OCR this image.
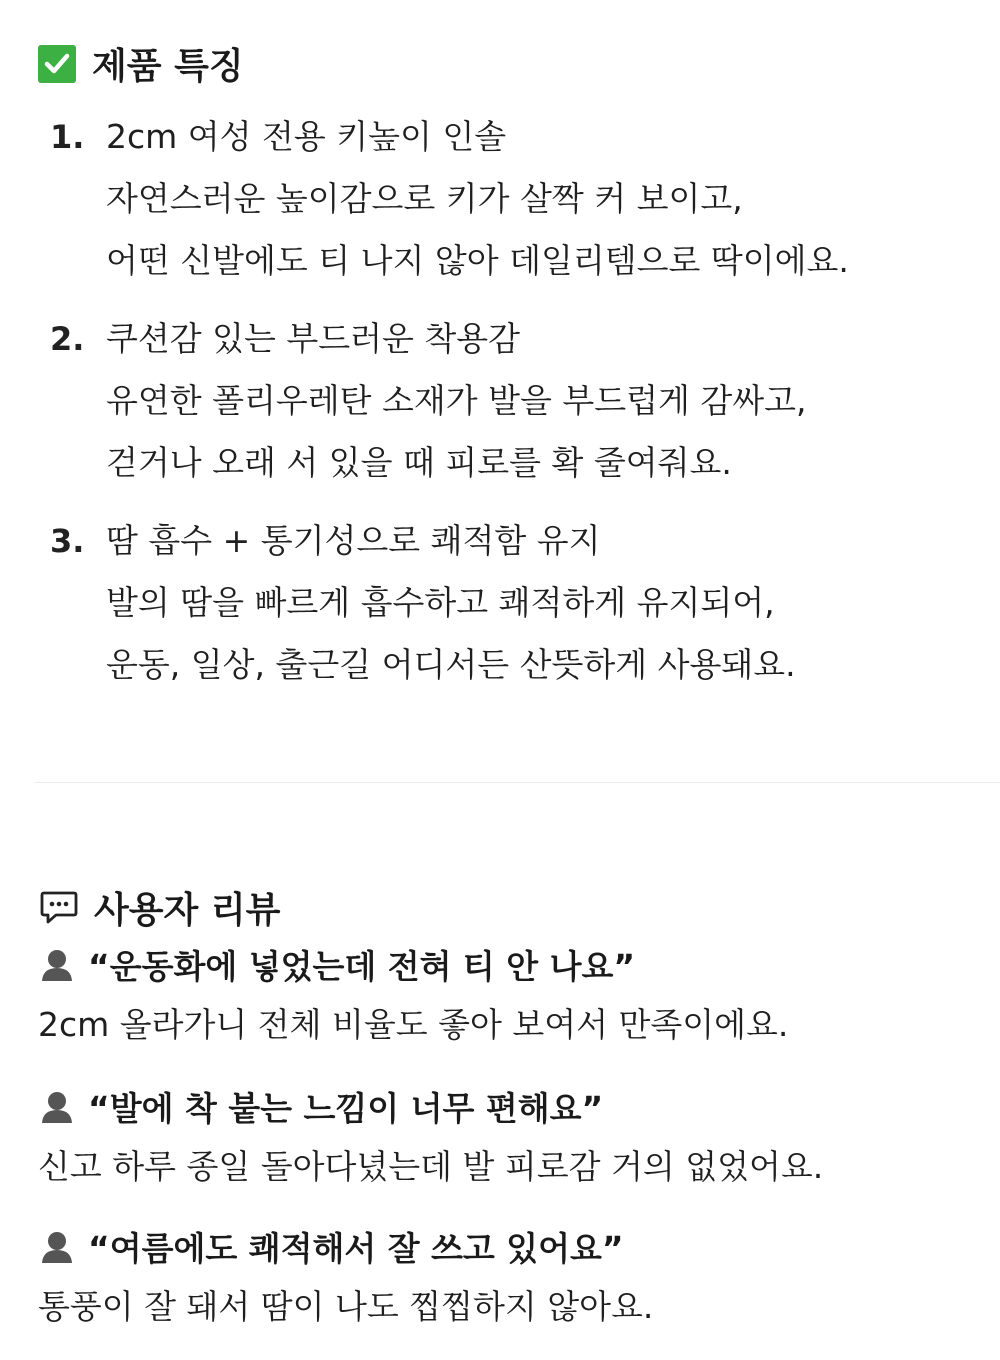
제품 특징
1. 2cm 여성 전용 키높이 인솔
자연스러운 높이감으로 키가 살짝 커 보이고,
어떤 신발에도 티 나지 않아 데일리템으로 딱이에요.
2. 쿠션감 있는 부드러운 착용감
유연한 폴리우레탄 소재가 발을 부드럽게 감싸고,
걷거나 오래 서 있을 때 피로를 확 줄여줘요.
3. 땀 흡수 + 통기성으로 쾌적함 유지
발의 땀을 빠르게 흡수하고 쾌적하게 유지되어,
운동, 일상, 출근길 어디서든 산뜻하게 사용돼요.
사용자 리뷰
“운동화에 넣었는데 전혀 티 안 나요”
2cm 올라가니 전체 비율도 좋아 보여서 만족이에요.
“발에 착 붙는 느낌이 너무 편해요”
신고 하루 종일 돌아다녔는데 발 피로감 거의 없었어요.
“여름에도 쾌적해서 잘 쓰고 있어요”
통풍이 잘 돼서 땀이 나도 찝찝하지 않아요.
